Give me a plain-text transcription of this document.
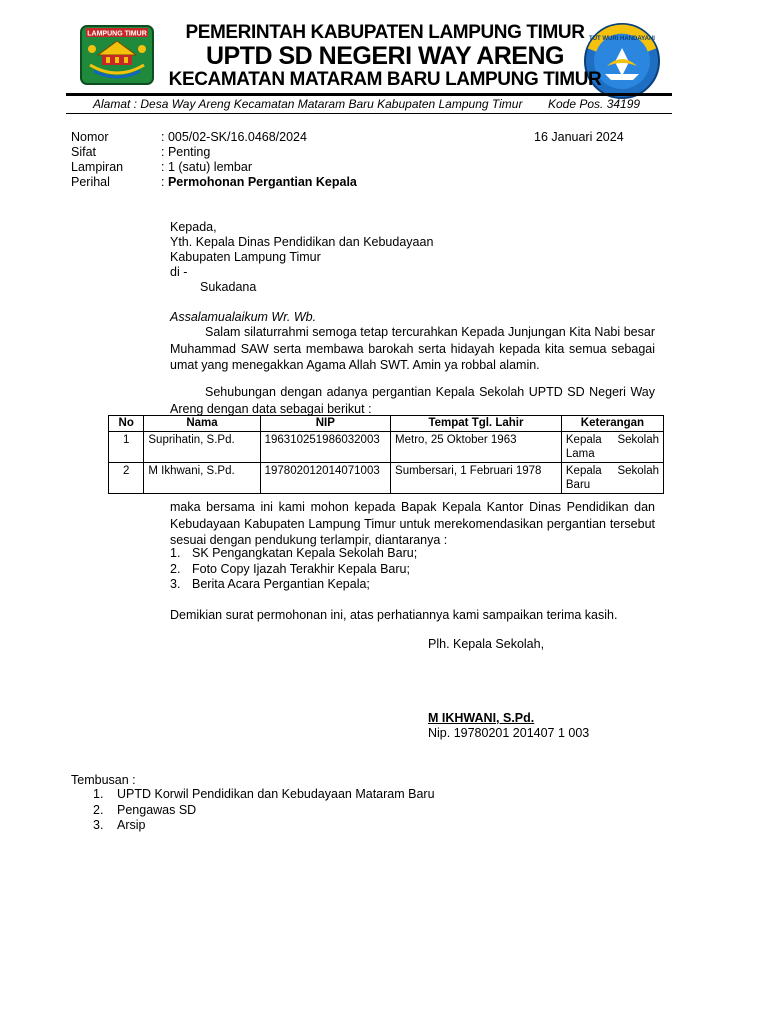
LAMPUNG TIMUR
TUT WURI HANDAYANI
PEMERINTAH KABUPATEN LAMPUNG TIMUR
UPTD SD NEGERI WAY ARENG
KECAMATAN MATARAM BARU LAMPUNG TIMUR
Alamat : Desa Way Areng Kecamatan Mataram Baru Kabupaten Lampung Timur Kode Pos. 34199
Nomor	: 005/02-SK/16.0468/2024	16 Januari 2024
Sifat	: Penting
Lampiran	: 1 (satu) lembar
Perihal	: Permohonan Pergantian Kepala
Kepada,
Yth. Kepala Dinas Pendidikan dan Kebudayaan
Kabupaten Lampung Timur
di -
Sukadana
Assalamualaikum Wr. Wb.
Salam silaturrahmi semoga tetap tercurahkan Kepada Junjungan Kita Nabi besar Muhammad SAW serta membawa barokah serta hidayah kepada kita semua sebagai umat yang menegakkan Agama Allah SWT. Amin ya robbal alamin.
Sehubungan dengan adanya pergantian Kepala Sekolah UPTD SD Negeri Way Areng dengan data sebagai berikut :
No	Nama	NIP	Tempat Tgl. Lahir	Keterangan
1	Suprihatin, S.Pd.	196310251986032003	Metro, 25 Oktober 1963	Kepala Sekolah Lama

2	M Ikhwani, S.Pd.	197802012014071003	Sumbersari, 1 Februari 1978	Kepala Sekolah Baru
maka bersama ini kami mohon kepada Bapak Kepala Kantor Dinas Pendidikan dan Kebudayaan Kabupaten Lampung Timur untuk merekomendasikan pergantian tersebut sesuai dengan pendukung terlampir, diantaranya :
1. SK Pengangkatan Kepala Sekolah Baru;
2. Foto Copy Ijazah Terakhir Kepala Baru;
3. Berita Acara Pergantian Kepala;
Demikian surat permohonan ini, atas perhatiannya kami sampaikan terima kasih.
Plh. Kepala Sekolah,
M IKHWANI, S.Pd.
Nip. 19780201 201407 1 003
Tembusan :
1. UPTD Korwil Pendidikan dan Kebudayaan Mataram Baru
2. Pengawas SD
3. Arsip
